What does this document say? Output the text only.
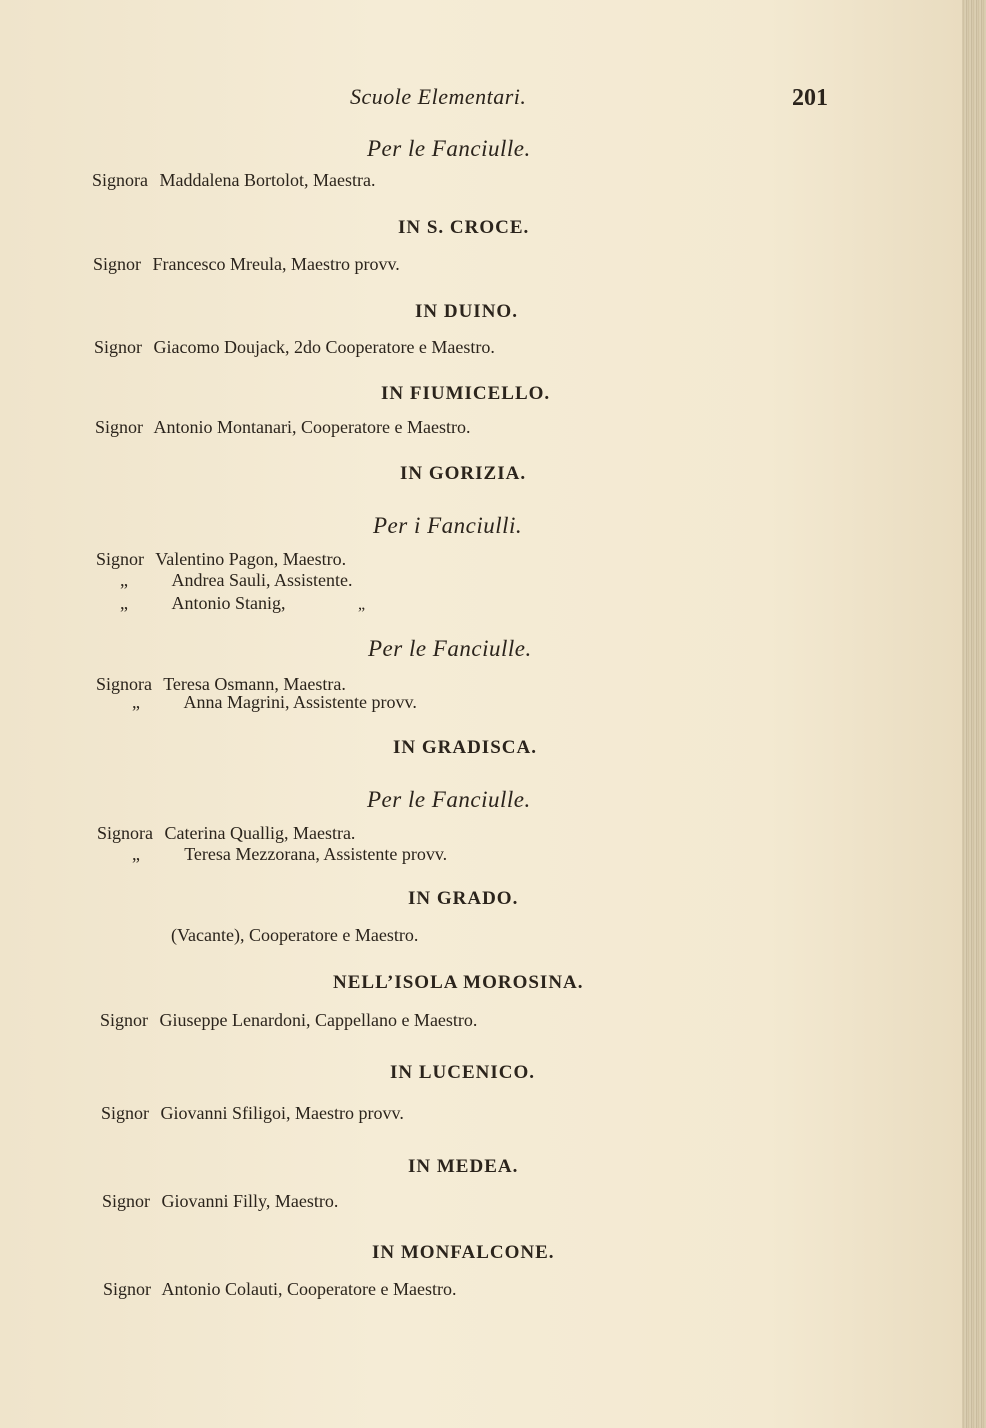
Scuole Elementari.	201
Per le Fanciulle.
Signora Maddalena Bortolot, Maestra.
IN S. CROCE.
Signor Francesco Mreula, Maestro provv.
IN DUINO.
Signor Giacomo Doujack, 2do Cooperatore e Maestro.
IN FIUMICELLO.
Signor Antonio Montanari, Cooperatore e Maestro.
IN GORIZIA.
Per i Fanciulli.
Signor Valentino Pagon, Maestro.
„ Andrea Sauli, Assistente.
„ Antonio Stanig,	„
Per le Fanciulle.
Signora Teresa Osmann, Maestra.
„ Anna Magrini, Assistente provv.
IN GRADISCA.
Per le Fanciulle.
Signora Caterina Quallig, Maestra.
„ Teresa Mezzorana, Assistente provv.
IN GRADO.
(Vacante), Cooperatore e Maestro.
NELL’ISOLA MOROSINA.
Signor Giuseppe Lenardoni, Cappellano e Maestro.
IN LUCENICO.
Signor Giovanni Sfiligoi, Maestro provv.
IN MEDEA.
Signor Giovanni Filly, Maestro.
IN MONFALCONE.
Signor Antonio Colauti, Cooperatore e Maestro.
